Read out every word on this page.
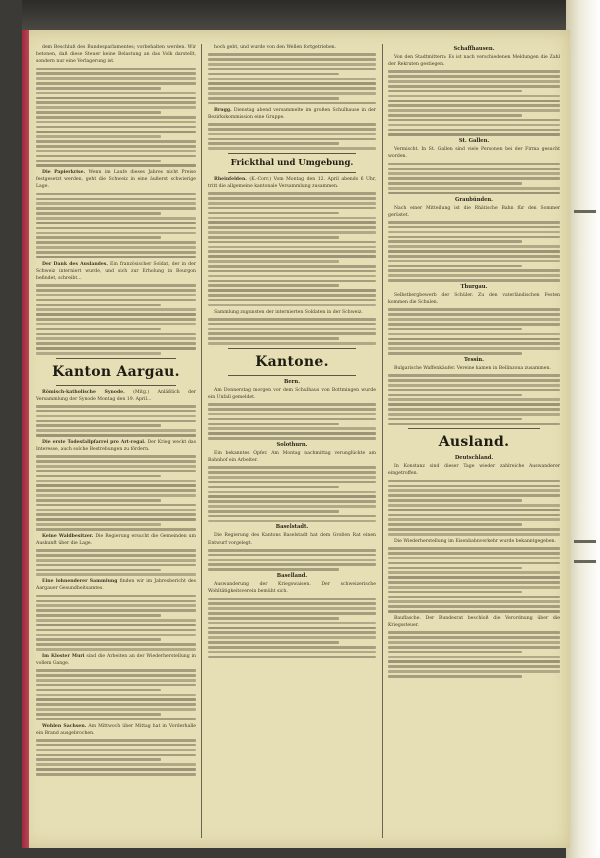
dem Beschluß des Bundesparlamentes; vorbehalten werden. Wir betonen, daß diese Steuer keine Belastung an das Volk darstellt, sondern nur eine Verlagerung ist.

Die Papierkrise. Wenn im Laufe dieses Jahres nicht Preise festgesetzt werden, geht die Schweiz in eine äußerst schwierige Lage.

Der Dank des Auslandes. Ein französischer Soldat, der in der Schweiz interniert wurde, und sich zur Erholung in Bourgon befindet, schreibt...

Kanton Aargau.

Römisch-katholische Synode. (Mitg.) Anläßlich der Versammlung der Synode Montag den 19. April...

Die erste Todesfallpfarrei pro Art-regal. Der Krieg weckt das Interesse, auch solche Bestrebungen zu fördern.

Keine Waldbesitzer. Die Regierung ersucht die Gemeinden um Auskunft über die Lage.

Eine lohnenderer Sammlung finden wir im Jahresbericht des Aargauer Gesundheitsamtes.

Im Kloster Muri sind die Arbeiten an der Wiederherstellung in vollem Gange.

Wohlen Sachsen. Am Mittwoch über Mittag hat in Vorderhalle ein Brand ausgebrochen.

hoch gebt, und wurde von den Wellen fortgetrieben.

Brugg. Dienstag abend versammelte im großen Schulhause in der Bezirkskommission eine Gruppe.

Frickthal und Umgebung.

Rheinfelden. (K.-Corr.) Vom Montag den 12. April abends 6 Uhr, tritt die allgemeine kantonale Versammlung zusammen.

Sammlung zugunsten der internierten Soldaten in der Schweiz.

Kantone.
Bern.

Am Donnerstag morgen vor dem Schulhaus von Bottmingen wurde ein Unfall gemeldet.

Solothurn.

Ein bekanntes Opfer. Am Montag nachmittag verunglückte am Bahnhof ein Arbeiter.

Baselstadt.

Die Regierung des Kantons Baselstadt hat dem Großen Rat einen Entwurf vorgelegt.

Baselland.

Auswanderung der Kriegswaisen. Der schweizerische Wohltätigkeitsverein bemüht sich.

Schaffhausen.

Von den Stadtmittern: Es ist nach verschiedenen Meldungen die Zahl der Rekruten gestiegen.

St. Gallen.

Vermischt. In St. Gallen sind viele Personen bei der Firma gesucht worden.

Graubünden.

Nach einer Mitteilung ist die Rhätische Bahn für den Sommer gerüstet.

Thurgau.

Selbstbergbewerb der Schüler. Zu den vaterländischen Festen kommen die Schulen.

Tessin.

Bulgarische Waffenkäufer. Vereine kamen in Bellinzona zusammen.

Ausland.
Deutschland.

In Konstanz sind dieser Tage wieder zahlreiche Auswanderer eingetroffen.

Die Wiederherstellung im Eisenbahnverkehr wurde bekanntgegeben.

Bauflasche. Der Bundesrat beschloß die Verordnung über die Kriegssteuer.
